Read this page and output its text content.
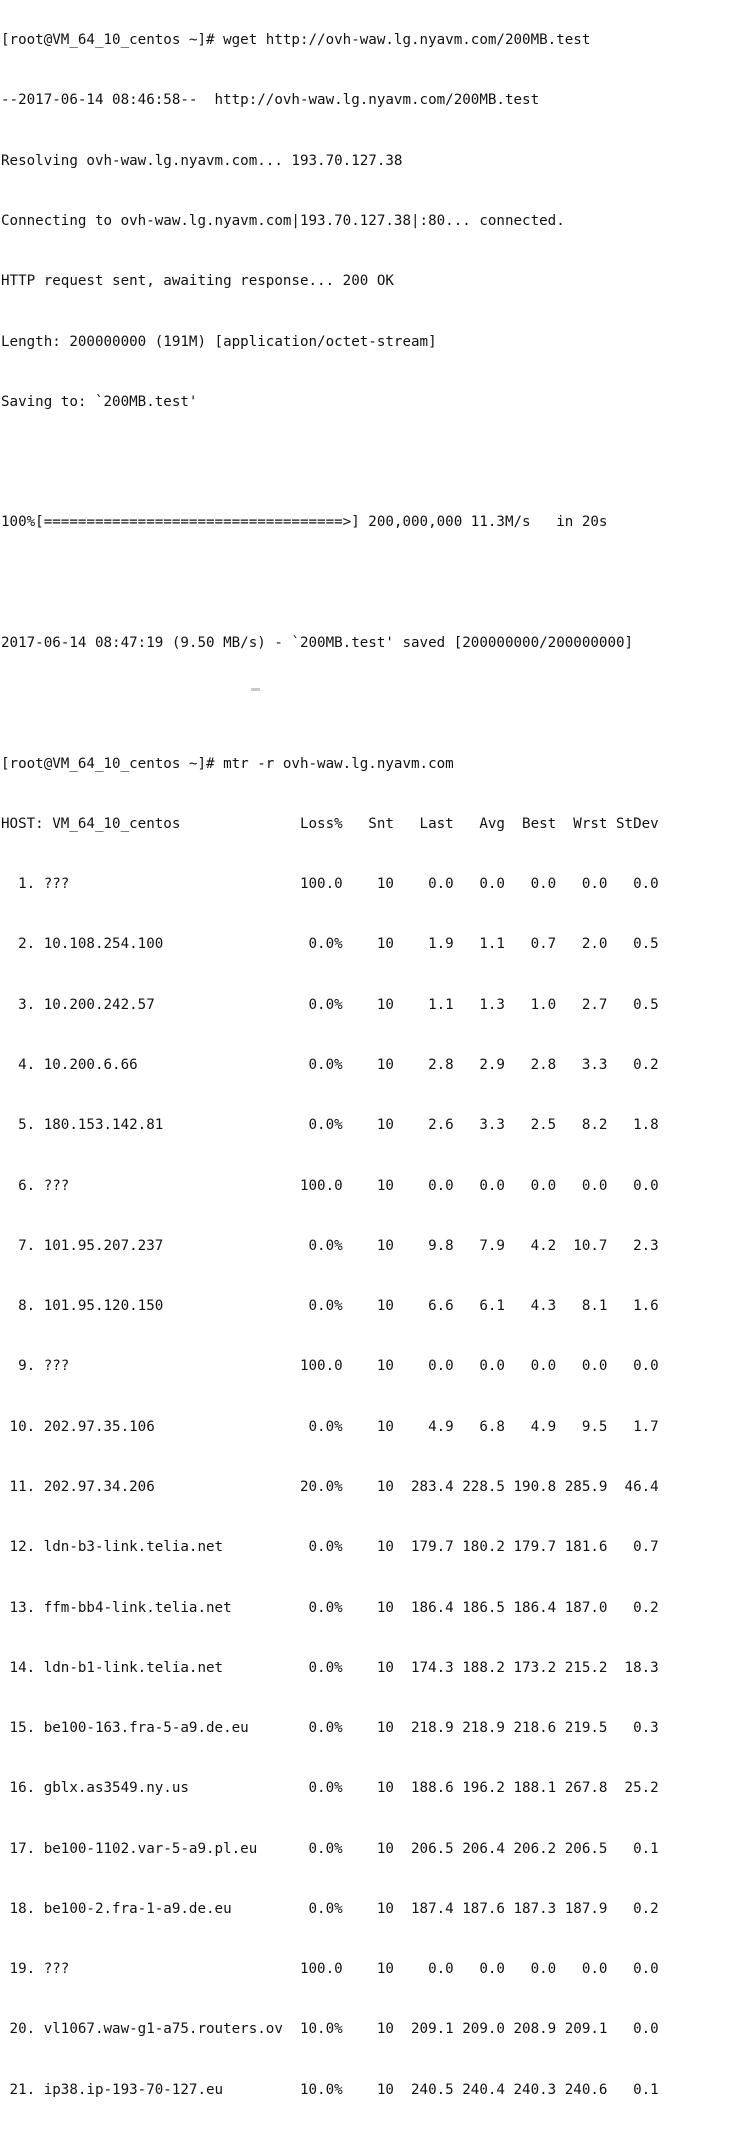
[root@VM_64_10_centos ~]# wget http://ovh-waw.lg.nyavm.com/200MB.test

--2017-06-14 08:46:58--  http://ovh-waw.lg.nyavm.com/200MB.test

Resolving ovh-waw.lg.nyavm.com... 193.70.127.38

Connecting to ovh-waw.lg.nyavm.com|193.70.127.38|:80... connected.

HTTP request sent, awaiting response... 200 OK

Length: 200000000 (191M) [application/octet-stream]

Saving to: `200MB.test'

100%[===================================>] 200,000,000 11.3M/s   in 20s

2017-06-14 08:47:19 (9.50 MB/s) - `200MB.test' saved [200000000/200000000]

[root@VM_64_10_centos ~]# mtr -r ovh-waw.lg.nyavm.com

HOST: VM_64_10_centos              Loss%   Snt   Last   Avg  Best  Wrst StDev

1. ???                           100.0    10    0.0   0.0   0.0   0.0   0.0

2. 10.108.254.100                 0.0%    10    1.9   1.1   0.7   2.0   0.5

3. 10.200.242.57                  0.0%    10    1.1   1.3   1.0   2.7   0.5

4. 10.200.6.66                    0.0%    10    2.8   2.9   2.8   3.3   0.2

5. 180.153.142.81                 0.0%    10    2.6   3.3   2.5   8.2   1.8

6. ???                           100.0    10    0.0   0.0   0.0   0.0   0.0

7. 101.95.207.237                 0.0%    10    9.8   7.9   4.2  10.7   2.3

8. 101.95.120.150                 0.0%    10    6.6   6.1   4.3   8.1   1.6

9. ???                           100.0    10    0.0   0.0   0.0   0.0   0.0

10. 202.97.35.106                  0.0%    10    4.9   6.8   4.9   9.5   1.7

11. 202.97.34.206                 20.0%    10  283.4 228.5 190.8 285.9  46.4

12. ldn-b3-link.telia.net          0.0%    10  179.7 180.2 179.7 181.6   0.7

13. ffm-bb4-link.telia.net         0.0%    10  186.4 186.5 186.4 187.0   0.2

14. ldn-b1-link.telia.net          0.0%    10  174.3 188.2 173.2 215.2  18.3

15. be100-163.fra-5-a9.de.eu       0.0%    10  218.9 218.9 218.6 219.5   0.3

16. gblx.as3549.ny.us              0.0%    10  188.6 196.2 188.1 267.8  25.2

17. be100-1102.var-5-a9.pl.eu      0.0%    10  206.5 206.4 206.2 206.5   0.1

18. be100-2.fra-1-a9.de.eu         0.0%    10  187.4 187.6 187.3 187.9   0.2

19. ???                           100.0    10    0.0   0.0   0.0   0.0   0.0

20. vl1067.waw-g1-a75.routers.ov  10.0%    10  209.1 209.0 208.9 209.1   0.0

21. ip38.ip-193-70-127.eu         10.0%    10  240.5 240.4 240.3 240.6   0.1
